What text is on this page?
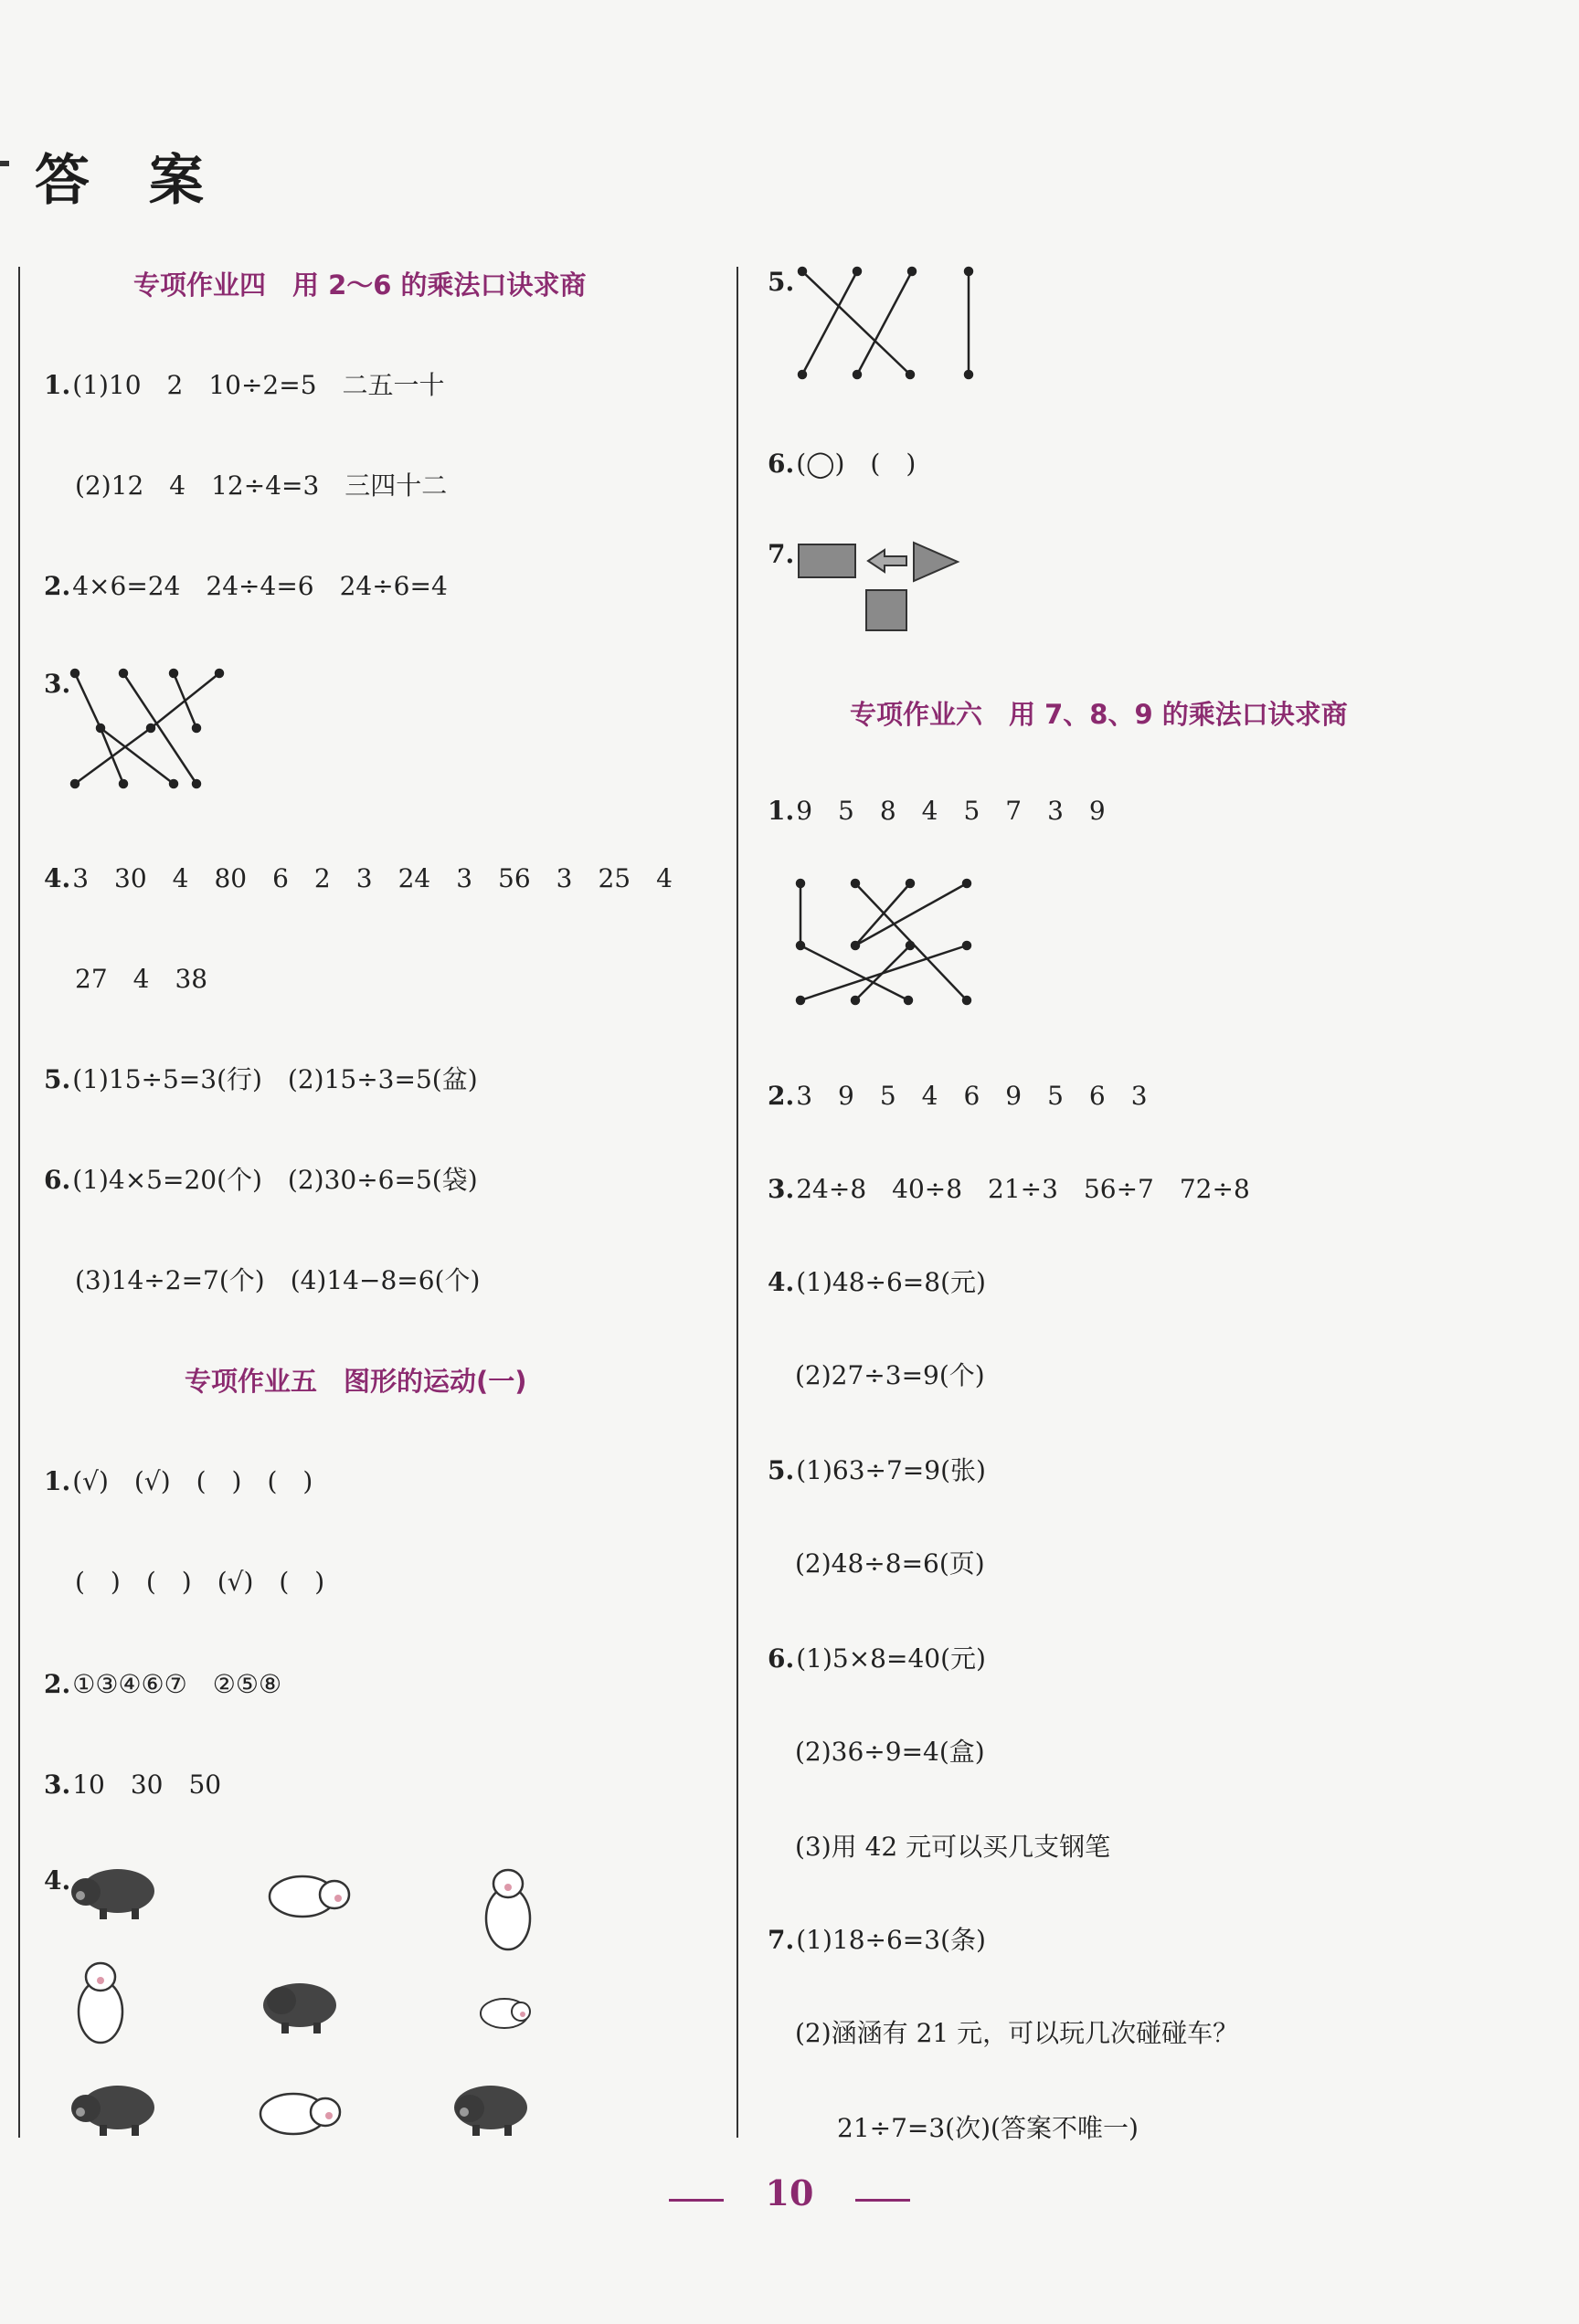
答 案
专项作业四　用 2～6 的乘法口诀求商
1.(1)10　2　10÷2=5　二五一十
(2)12　4　12÷4=3　三四十二
2.4×6=24　24÷4=6　24÷6=4
3.
4.3　30　4　80　6　2　3　24　3　56　3　25　4
27　4　38
5.(1)15÷5=3(行)　(2)15÷3=5(盆)
6.(1)4×5=20(个)　(2)30÷6=5(袋)
(3)14÷2=7(个)　(4)14−8=6(个)
专项作业五　图形的运动(一)
1.(√)　(√)　(　)　(　)
(　)　(　)　(√)　(　)
2.①③④⑥⑦　②⑤⑧
3.10　30　50
4.
5.
6.(◯)　(　)
7.
专项作业六　用 7、8、9 的乘法口诀求商
1.9　5　8　4　5　7　3　9
2.3　9　5　4　6　9　5　6　3
3.24÷8　40÷8　21÷3　56÷7　72÷8
4.(1)48÷6=8(元)
(2)27÷3=9(个)
5.(1)63÷7=9(张)
(2)48÷8=6(页)
6.(1)5×8=40(元)
(2)36÷9=4(盒)
(3)用 42 元可以买几支钢笔
7.(1)18÷6=3(条)
(2)涵涵有 21 元，可以玩几次碰碰车？
21÷7=3(次)(答案不唯一)
10
